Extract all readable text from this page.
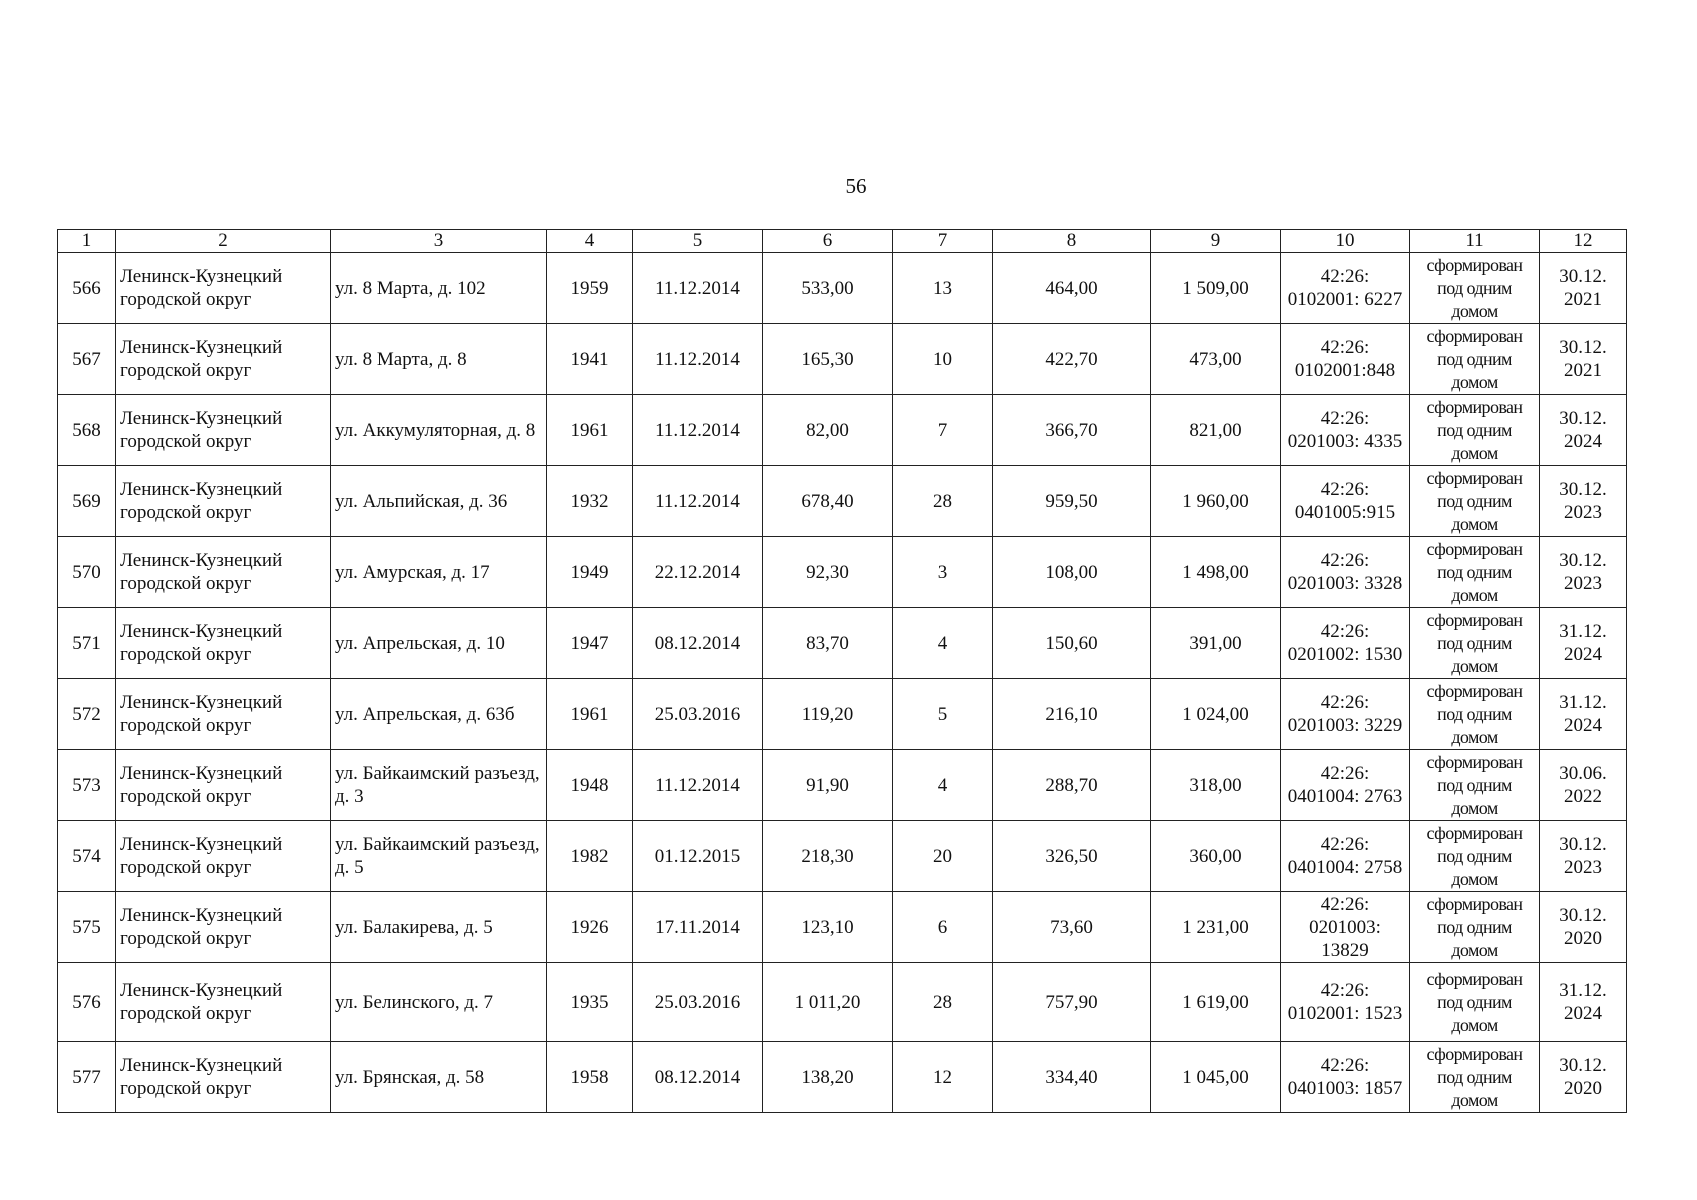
56
1	2	3	4	5	6	7	8	9	10	11	12
566	Ленинск-Кузнецкий городской округ	ул. 8 Марта, д. 102	1959	11.12.2014	533,00	13	464,00	1 509,00	42:26: 0102001: 6227	сформирован под одним домом	30.12. 2021
567	Ленинск-Кузнецкий городской округ	ул. 8 Марта, д. 8	1941	11.12.2014	165,30	10	422,70	473,00	42:26: 0102001:848	сформирован под одним домом	30.12. 2021
568	Ленинск-Кузнецкий городской округ	ул. Аккумуляторная, д. 8	1961	11.12.2014	82,00	7	366,70	821,00	42:26: 0201003: 4335	сформирован под одним домом	30.12. 2024
569	Ленинск-Кузнецкий городской округ	ул. Альпийская, д. 36	1932	11.12.2014	678,40	28	959,50	1 960,00	42:26: 0401005:915	сформирован под одним домом	30.12. 2023
570	Ленинск-Кузнецкий городской округ	ул. Амурская, д. 17	1949	22.12.2014	92,30	3	108,00	1 498,00	42:26: 0201003: 3328	сформирован под одним домом	30.12. 2023
571	Ленинск-Кузнецкий городской округ	ул. Апрельская, д. 10	1947	08.12.2014	83,70	4	150,60	391,00	42:26: 0201002: 1530	сформирован под одним домом	31.12. 2024
572	Ленинск-Кузнецкий городской округ	ул. Апрельская, д. 63б	1961	25.03.2016	119,20	5	216,10	1 024,00	42:26: 0201003: 3229	сформирован под одним домом	31.12. 2024
573	Ленинск-Кузнецкий городской округ	ул. Байкаимский разъезд, д. 3	1948	11.12.2014	91,90	4	288,70	318,00	42:26: 0401004: 2763	сформирован под одним домом	30.06. 2022
574	Ленинск-Кузнецкий городской округ	ул. Байкаимский разъезд, д. 5	1982	01.12.2015	218,30	20	326,50	360,00	42:26: 0401004: 2758	сформирован под одним домом	30.12. 2023
575	Ленинск-Кузнецкий городской округ	ул. Балакирева, д. 5	1926	17.11.2014	123,10	6	73,60	1 231,00	42:26: 0201003: 13829	сформирован под одним домом	30.12. 2020
576	Ленинск-Кузнецкий городской округ	ул. Белинского, д. 7	1935	25.03.2016	1 011,20	28	757,90	1 619,00	42:26: 0102001: 1523	сформирован под одним домом	31.12. 2024
577	Ленинск-Кузнецкий городской округ	ул. Брянская, д. 58	1958	08.12.2014	138,20	12	334,40	1 045,00	42:26: 0401003: 1857	сформирован под одним домом	30.12. 2020
